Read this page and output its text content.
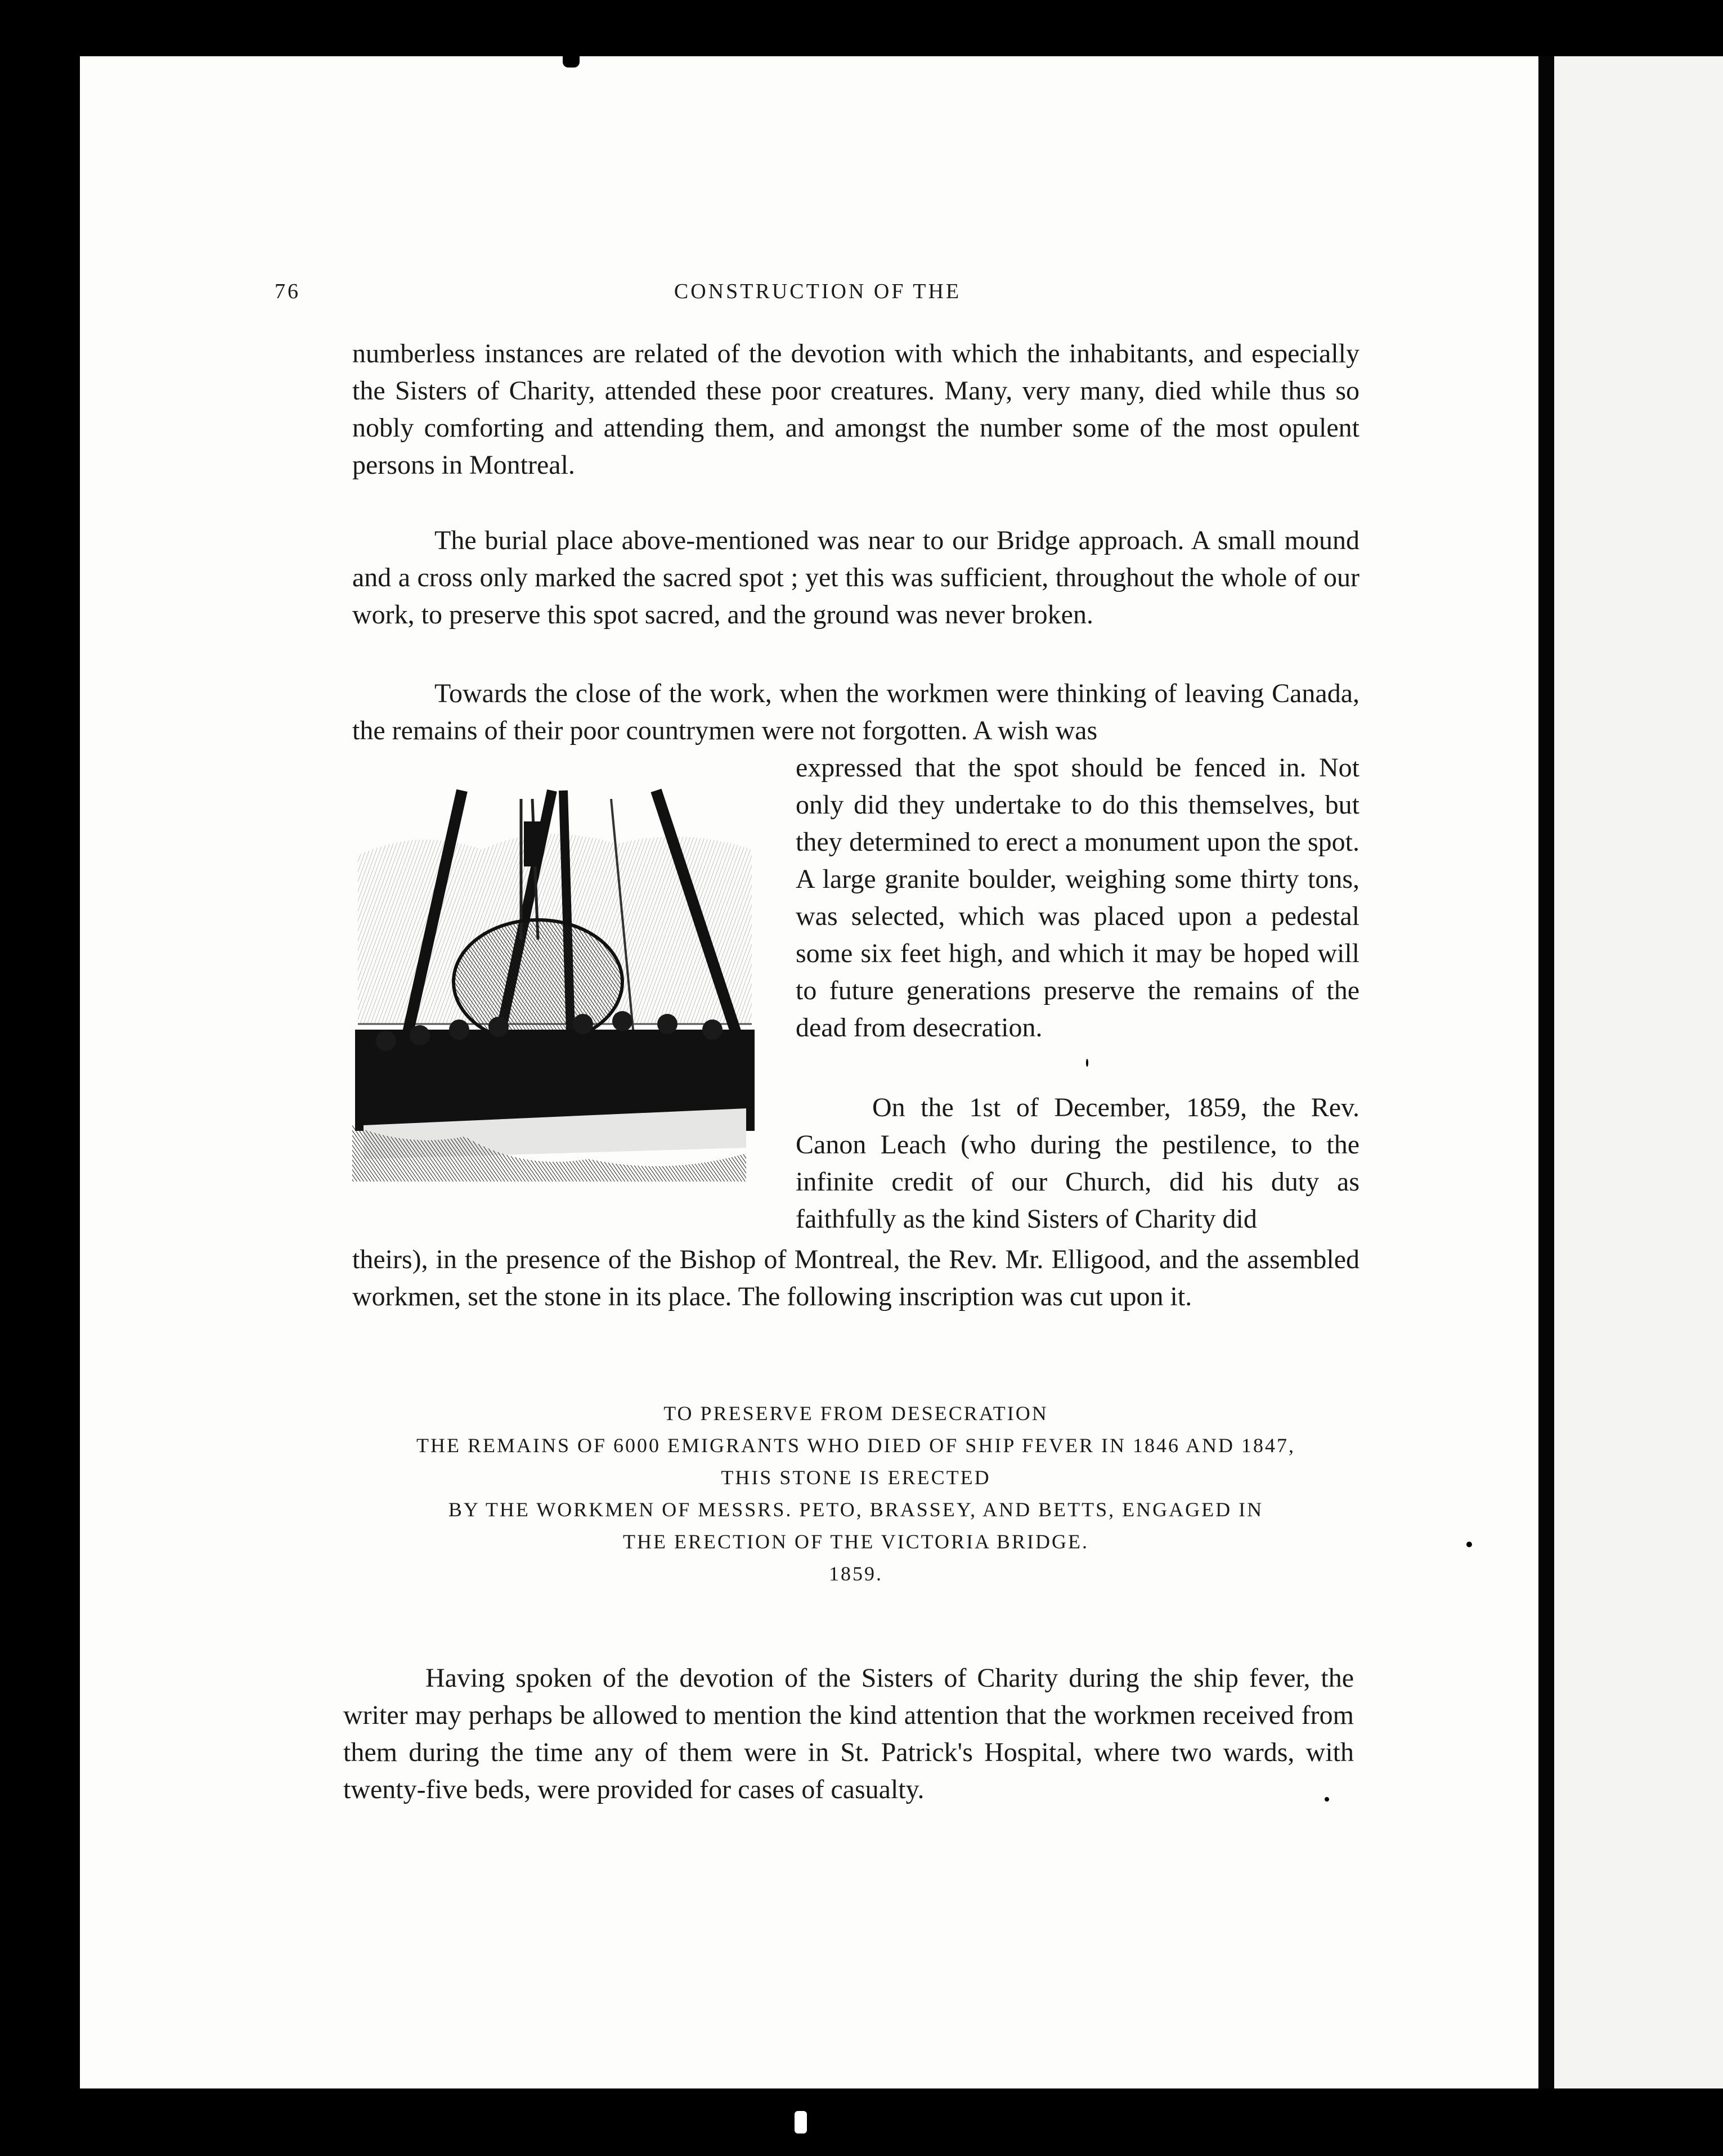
76	CONSTRUCTION OF THE

numberless instances are related of the devotion with which the inhabitants, and especially the Sisters of Charity, attended these poor creatures. Many, very many, died while thus so nobly comforting and attending them, and amongst the number some of the most opulent persons in Montreal.

The burial place above-mentioned was near to our Bridge approach. A small mound and a cross only marked the sacred spot ; yet this was sufficient, throughout the whole of our work, to preserve this spot sacred, and the ground was never broken.

Towards the close of the work, when the workmen were thinking of leaving Canada, the remains of their poor countrymen were not forgotten. A wish was

expressed that the spot should be fenced in. Not only did they undertake to do this themselves, but they determined to erect a monument upon the spot. A large granite boulder, weighing some thirty tons, was selected, which was placed upon a pedestal some six feet high, and which it may be hoped will to future generations preserve the remains of the dead from desecration.

On the 1st of December, 1859, the Rev. Canon Leach (who during the pestilence, to the infinite credit of our Church, did his duty as faithfully as the kind Sisters of Charity did

theirs), in the presence of the Bishop of Montreal, the Rev. Mr. Elligood, and the assembled workmen, set the stone in its place. The following inscription was cut upon it.

TO PRESERVE FROM DESECRATION
THE REMAINS OF 6000 EMIGRANTS WHO DIED OF SHIP FEVER IN 1846 AND 1847,
THIS STONE IS ERECTED
BY THE WORKMEN OF MESSRS. PETO, BRASSEY, AND BETTS, ENGAGED IN
THE ERECTION OF THE VICTORIA BRIDGE.
1859.

Having spoken of the devotion of the Sisters of Charity during the ship fever, the writer may perhaps be allowed to mention the kind attention that the workmen received from them during the time any of them were in St. Patrick's Hospital, where two wards, with twenty-five beds, were provided for cases of casualty.
